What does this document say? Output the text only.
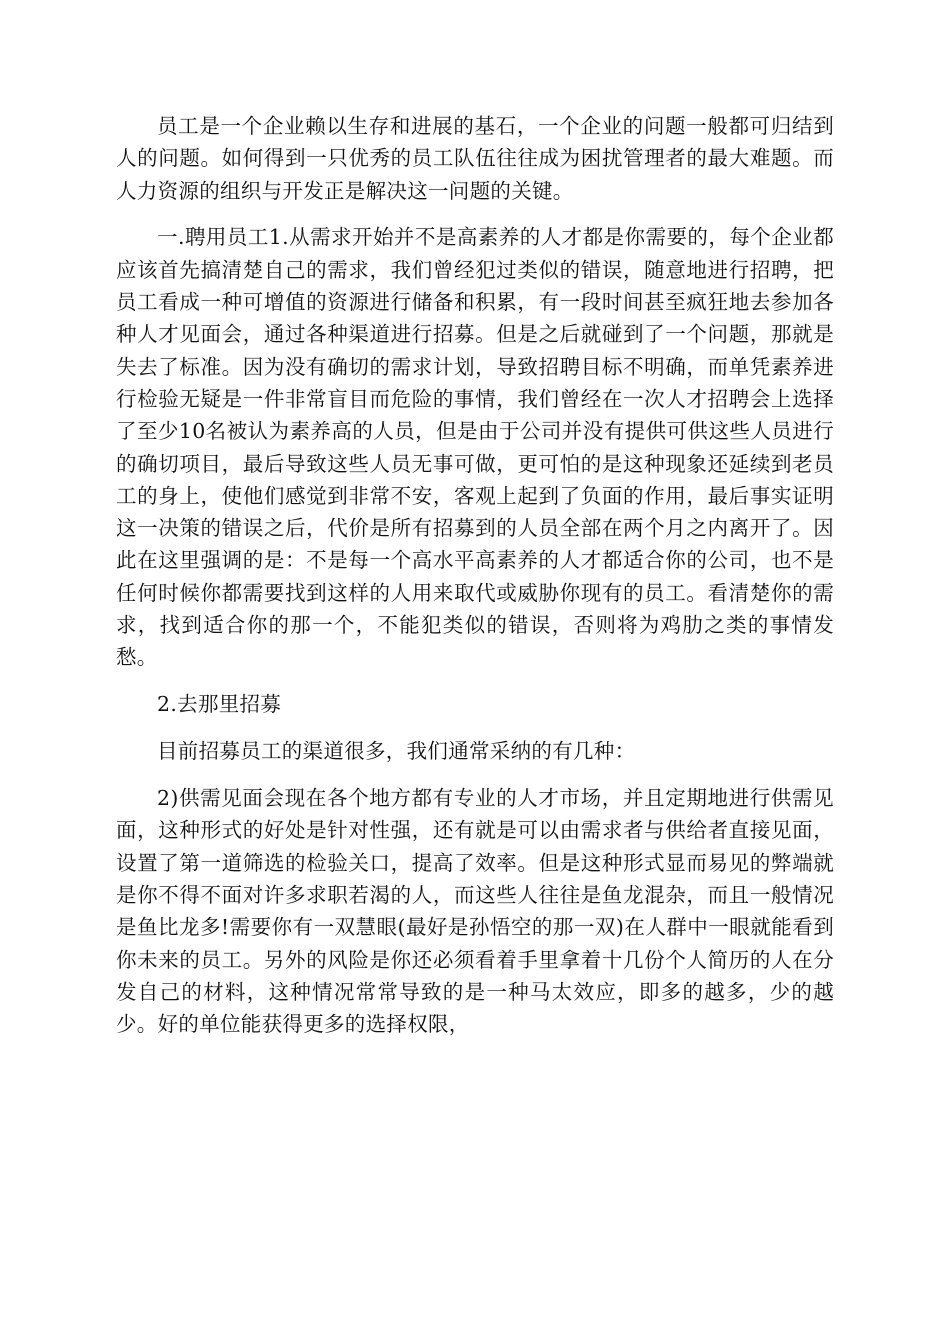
员工是一个企业赖以生存和进展的基石，一个企业的问题一般都可归结到人的问题。如何得到一只优秀的员工队伍往往成为困扰管理者的最大难题。而人力资源的组织与开发正是解决这一问题的关键。

一.聘用员工1.从需求开始并不是高素养的人才都是你需要的，每个企业都应该首先搞清楚自己的需求，我们曾经犯过类似的错误，随意地进行招聘，把员工看成一种可增值的资源进行储备和积累，有一段时间甚至疯狂地去参加各种人才见面会，通过各种渠道进行招募。但是之后就碰到了一个问题，那就是失去了标准。因为没有确切的需求计划，导致招聘目标不明确，而单凭素养进行检验无疑是一件非常盲目而危险的事情，我们曾经在一次人才招聘会上选择了至少10名被认为素养高的人员，但是由于公司并没有提供可供这些人员进行的确切项目，最后导致这些人员无事可做，更可怕的是这种现象还延续到老员工的身上，使他们感觉到非常不安，客观上起到了负面的作用，最后事实证明这一决策的错误之后，代价是所有招募到的人员全部在两个月之内离开了。因此在这里强调的是：不是每一个高水平高素养的人才都适合你的公司，也不是任何时候你都需要找到这样的人用来取代或威胁你现有的员工。看清楚你的需求，找到适合你的那一个，不能犯类似的错误，否则将为鸡肋之类的事情发愁。

2.去那里招募

目前招募员工的渠道很多，我们通常采纳的有几种：

2)供需见面会现在各个地方都有专业的人才市场，并且定期地进行供需见面，这种形式的好处是针对性强，还有就是可以由需求者与供给者直接见面，设置了第一道筛选的检验关口，提高了效率。但是这种形式显而易见的弊端就是你不得不面对许多求职若渴的人，而这些人往往是鱼龙混杂，而且一般情况是鱼比龙多!需要你有一双慧眼(最好是孙悟空的那一双)在人群中一眼就能看到你未来的员工。另外的风险是你还必须看着手里拿着十几份个人简历的人在分发自己的材料，这种情况常常导致的是一种马太效应，即多的越多，少的越少。好的单位能获得更多的选择权限，
